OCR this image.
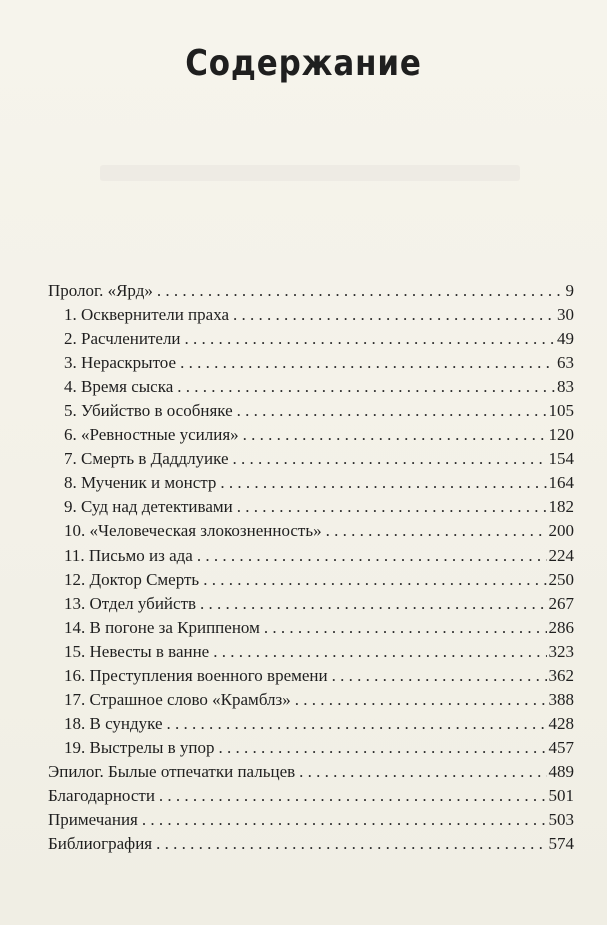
Содержание
Пролог. «Ярд» . . .	9
1. Осквернители праха . . .	30
2. Расчленители . . .	49
3. Нераскрытое . . .	63
4. Время сыска . . .	83
5. Убийство в особняке . . .	105
6. «Ревностные усилия» . . .	120
7. Смерть в Даддлуике . . .	154
8. Мученик и монстр . . .	164
9. Суд над детективами . . .	182
10. «Человеческая злокозненность» . . .	200
11. Письмо из ада . . .	224
12. Доктор Смерть . . .	250
13. Отдел убийств . . .	267
14. В погоне за Криппеном . . .	286
15. Невесты в ванне . . .	323
16. Преступления военного времени . . .	362
17. Страшное слово «Крамблз» . . .	388
18. В сундуке . . .	428
19. Выстрелы в упор . . .	457
Эпилог. Былые отпечатки пальцев . . .	489
Благодарности . . .	501
Примечания . . .	503
Библиография . . .	574
